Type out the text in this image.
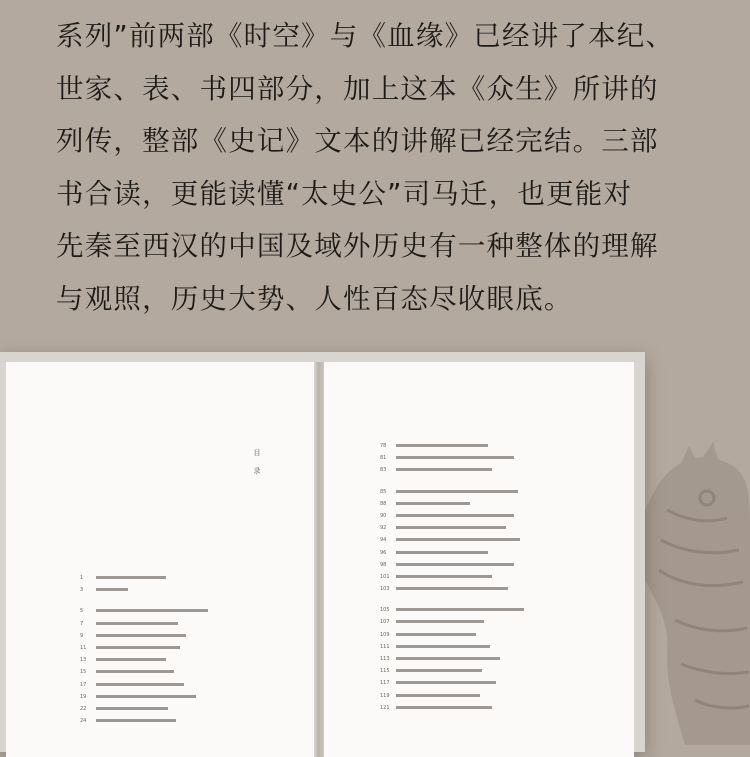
系列”前两部《时空》与《血缘》已经讲了本纪、
世家、表、书四部分，加上这本《众生》所讲的
列传，整部《史记》文本的讲解已经完结。三部
书合读，更能读懂“太史公”司马迁，也更能对
先秦至西汉的中国及域外历史有一种整体的理解
与观照，历史大势、人性百态尽收眼底。
目
录
1
3
5
7
9
11
13
15
17
19
22
24
78
81
83
85
88
90
92
94
96
98
101
103
105
107
109
111
113
115
117
119
121
